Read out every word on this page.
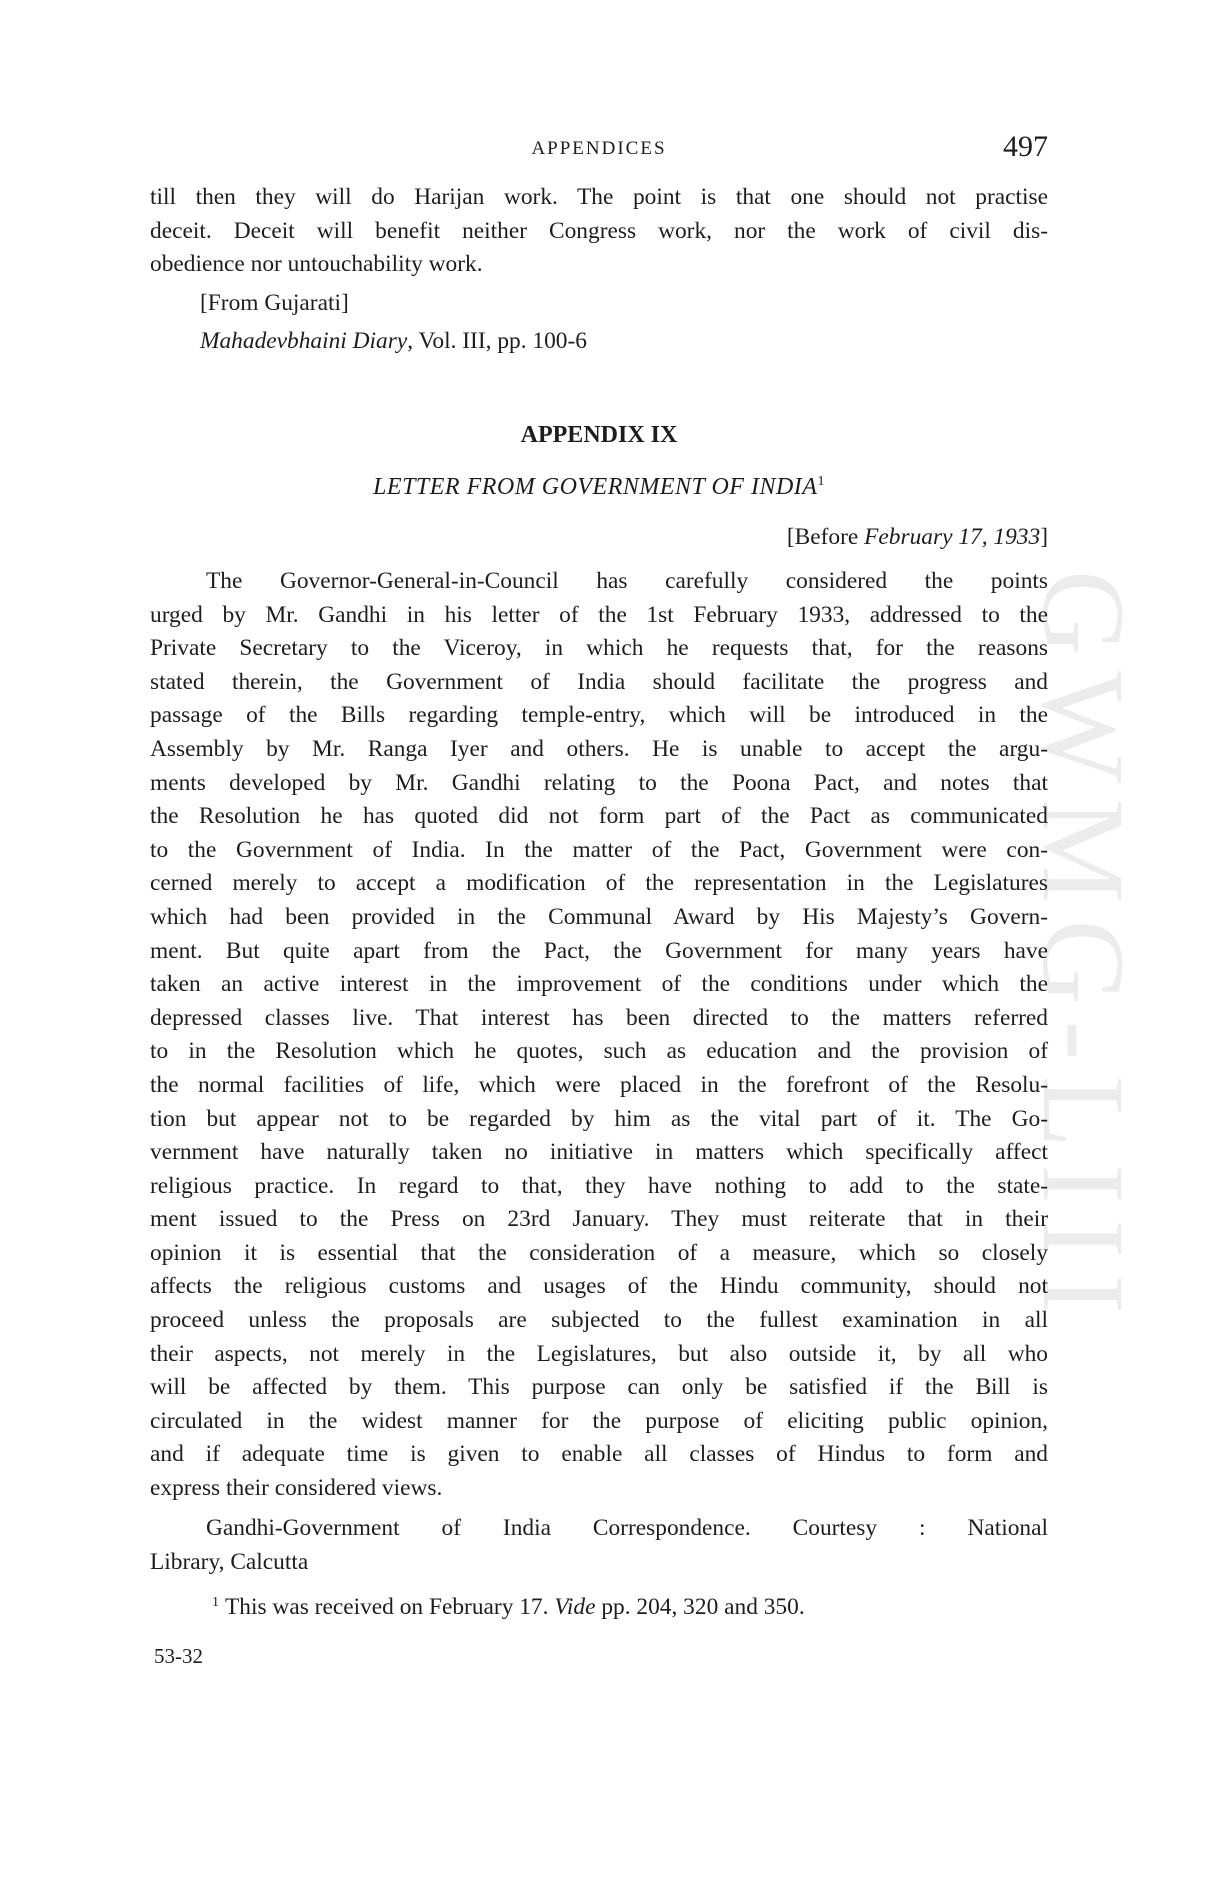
GWMG-LIII
APPENDICES	497

till then they will do Harijan work. The point is that one should not practise
deceit. Deceit will benefit neither Congress work, nor the work of civil dis-
obedience nor untouchability work.

[From Gujarati]

Mahadevbhaini Diary, Vol. III, pp. 100-6

APPENDIX IX

LETTER FROM GOVERNMENT OF INDIA$^1$

[Before February 17, 1933]

The Governor-General-in-Council has carefully considered the points
urged by Mr. Gandhi in his letter of the 1st February 1933, addressed to the
Private Secretary to the Viceroy, in which he requests that, for the reasons
stated therein, the Government of India should facilitate the progress and
passage of the Bills regarding temple-entry, which will be introduced in the
Assembly by Mr. Ranga Iyer and others. He is unable to accept the argu-
ments developed by Mr. Gandhi relating to the Poona Pact, and notes that
the Resolution he has quoted did not form part of the Pact as communicated
to the Government of India. In the matter of the Pact, Government were con-
cerned merely to accept a modification of the representation in the Legislatures
which had been provided in the Communal Award by His Majesty’s Govern-
ment. But quite apart from the Pact, the Government for many years have
taken an active interest in the improvement of the conditions under which the
depressed classes live. That interest has been directed to the matters referred
to in the Resolution which he quotes, such as education and the provision of
the normal facilities of life, which were placed in the forefront of the Resolu-
tion but appear not to be regarded by him as the vital part of it. The Go-
vernment have naturally taken no initiative in matters which specifically affect
religious practice. In regard to that, they have nothing to add to the state-
ment issued to the Press on 23rd January. They must reiterate that in their
opinion it is essential that the consideration of a measure, which so closely
affects the religious customs and usages of the Hindu community, should not
proceed unless the proposals are subjected to the fullest examination in all
their aspects, not merely in the Legislatures, but also outside it, by all who
will be affected by them. This purpose can only be satisfied if the Bill is
circulated in the widest manner for the purpose of eliciting public opinion,
and if adequate time is given to enable all classes of Hindus to form and
express their considered views.

Gandhi-Government of India Correspondence. Courtesy : National
Library, Calcutta

$^1$ This was received on February 17. Vide pp. 204, 320 and 350.

53-32
